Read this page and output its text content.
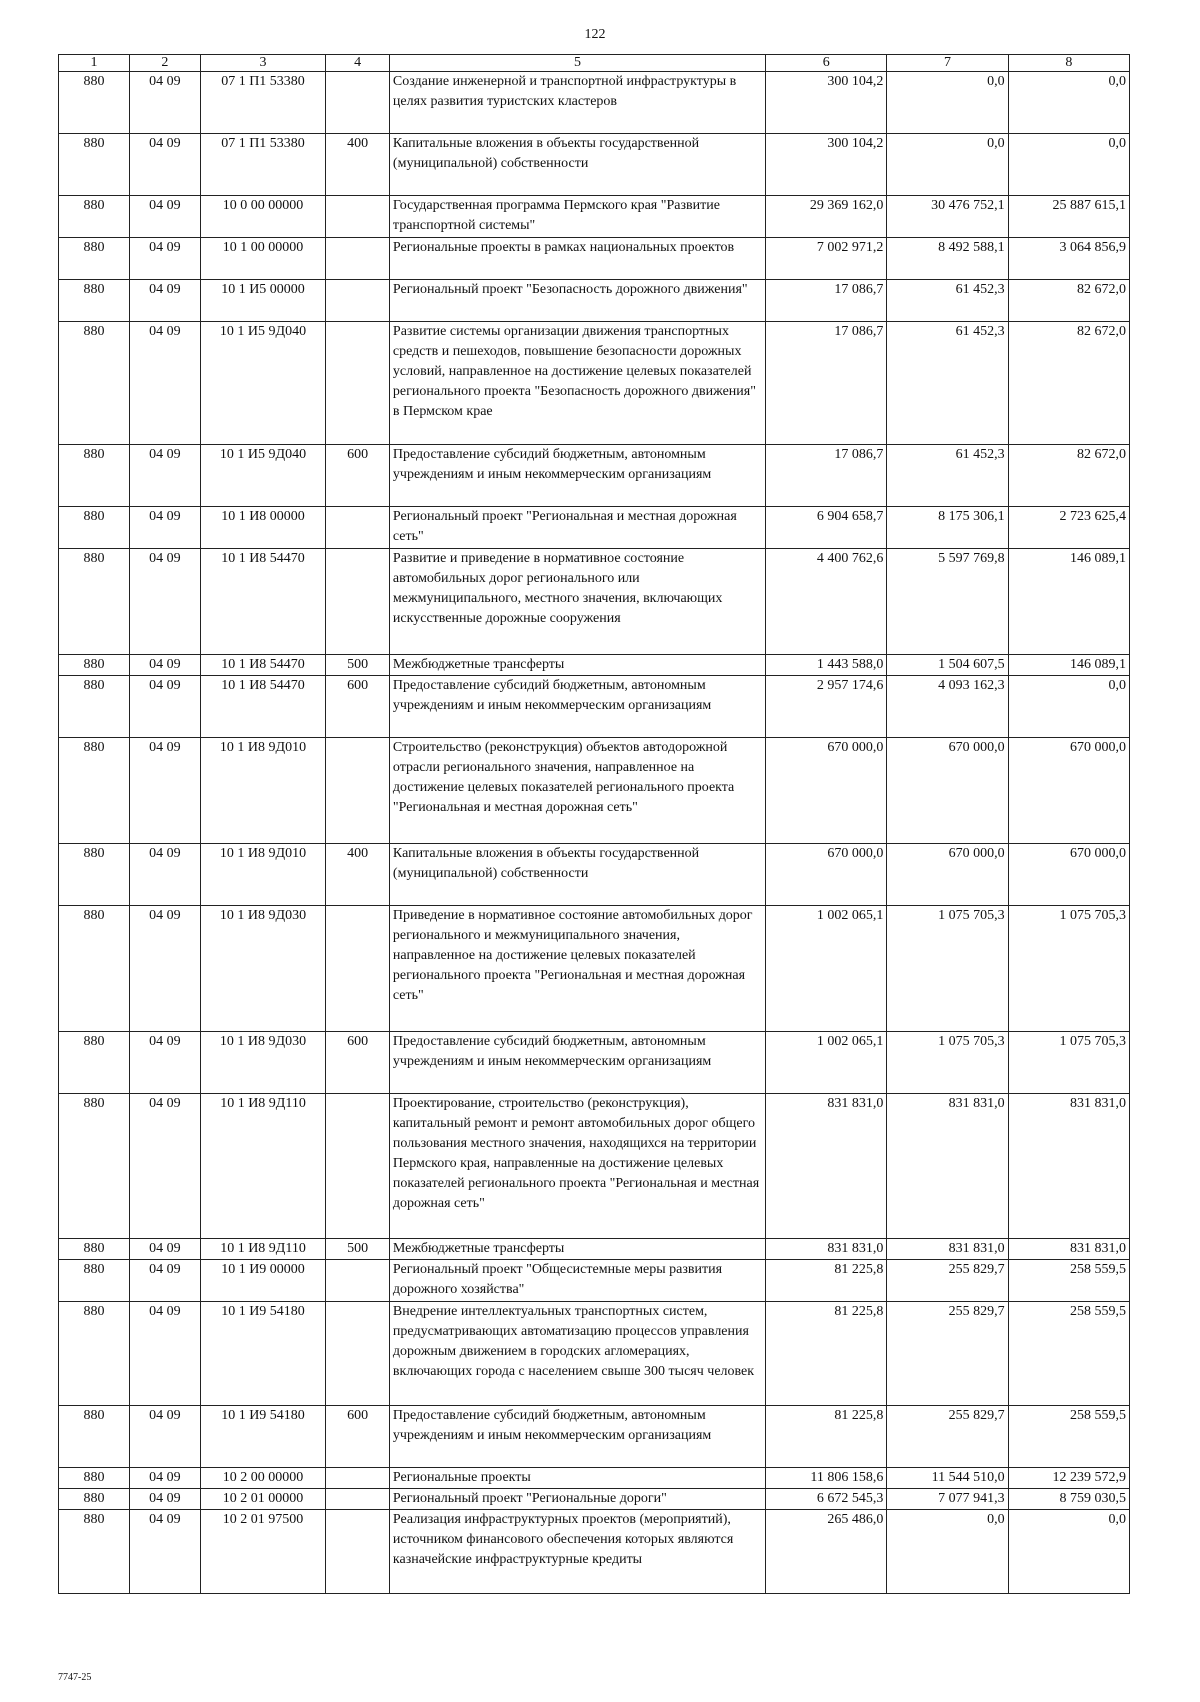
122
1	2	3	4	5	6	7	8
880	04 09	07 1 П1 53380		Создание инженерной и транспортной инфраструктуры в целях развития туристских кластеров	300 104,2	0,0	0,0
880	04 09	07 1 П1 53380	400	Капитальные вложения в объекты государственной (муниципальной) собственности	300 104,2	0,0	0,0
880	04 09	10 0 00 00000		Государственная программа Пермского края "Развитие транспортной системы"	29 369 162,0	30 476 752,1	25 887 615,1
880	04 09	10 1 00 00000		Региональные проекты в рамках национальных проектов	7 002 971,2	8 492 588,1	3 064 856,9
880	04 09	10 1 И5 00000		Региональный проект "Безопасность дорожного движения"	17 086,7	61 452,3	82 672,0
880	04 09	10 1 И5 9Д040		Развитие системы организации движения транспортных средств и пешеходов, повышение безопасности дорожных условий, направленное на достижение целевых показателей регионального проекта "Безопасность дорожного движения" в Пермском крае	17 086,7	61 452,3	82 672,0
880	04 09	10 1 И5 9Д040	600	Предоставление субсидий бюджетным, автономным учреждениям и иным некоммерческим организациям	17 086,7	61 452,3	82 672,0
880	04 09	10 1 И8 00000		Региональный проект "Региональная и местная дорожная сеть"	6 904 658,7	8 175 306,1	2 723 625,4
880	04 09	10 1 И8 54470		Развитие и приведение в нормативное состояние автомобильных дорог регионального или межмуниципального, местного значения, включающих искусственные дорожные сооружения	4 400 762,6	5 597 769,8	146 089,1
880	04 09	10 1 И8 54470	500	Межбюджетные трансферты	1 443 588,0	1 504 607,5	146 089,1
880	04 09	10 1 И8 54470	600	Предоставление субсидий бюджетным, автономным учреждениям и иным некоммерческим организациям	2 957 174,6	4 093 162,3	0,0
880	04 09	10 1 И8 9Д010		Строительство (реконструкция) объектов автодорожной отрасли регионального значения, направленное на достижение целевых показателей регионального проекта "Региональная и местная дорожная сеть"	670 000,0	670 000,0	670 000,0
880	04 09	10 1 И8 9Д010	400	Капитальные вложения в объекты государственной (муниципальной) собственности	670 000,0	670 000,0	670 000,0
880	04 09	10 1 И8 9Д030		Приведение в нормативное состояние автомобильных дорог регионального и межмуниципального значения, направленное на достижение целевых показателей регионального проекта "Региональная и местная дорожная сеть"	1 002 065,1	1 075 705,3	1 075 705,3
880	04 09	10 1 И8 9Д030	600	Предоставление субсидий бюджетным, автономным учреждениям и иным некоммерческим организациям	1 002 065,1	1 075 705,3	1 075 705,3
880	04 09	10 1 И8 9Д110		Проектирование, строительство (реконструкция), капитальный ремонт и ремонт автомобильных дорог общего пользования местного значения, находящихся на территории Пермского края, направленные на достижение целевых показателей регионального проекта "Региональная и местная дорожная сеть"	831 831,0	831 831,0	831 831,0
880	04 09	10 1 И8 9Д110	500	Межбюджетные трансферты	831 831,0	831 831,0	831 831,0
880	04 09	10 1 И9 00000		Региональный проект "Общесистемные меры развития дорожного хозяйства"	81 225,8	255 829,7	258 559,5
880	04 09	10 1 И9 54180		Внедрение интеллектуальных транспортных систем, предусматривающих автоматизацию процессов управления дорожным движением в городских агломерациях, включающих города с населением свыше 300 тысяч человек	81 225,8	255 829,7	258 559,5
880	04 09	10 1 И9 54180	600	Предоставление субсидий бюджетным, автономным учреждениям и иным некоммерческим организациям	81 225,8	255 829,7	258 559,5
880	04 09	10 2 00 00000		Региональные проекты	11 806 158,6	11 544 510,0	12 239 572,9
880	04 09	10 2 01 00000		Региональный проект "Региональные дороги"	6 672 545,3	7 077 941,3	8 759 030,5
880	04 09	10 2 01 97500		Реализация инфраструктурных проектов (мероприятий), источником финансового обеспечения которых являются казначейские инфраструктурные кредиты	265 486,0	0,0	0,0
7747-25
